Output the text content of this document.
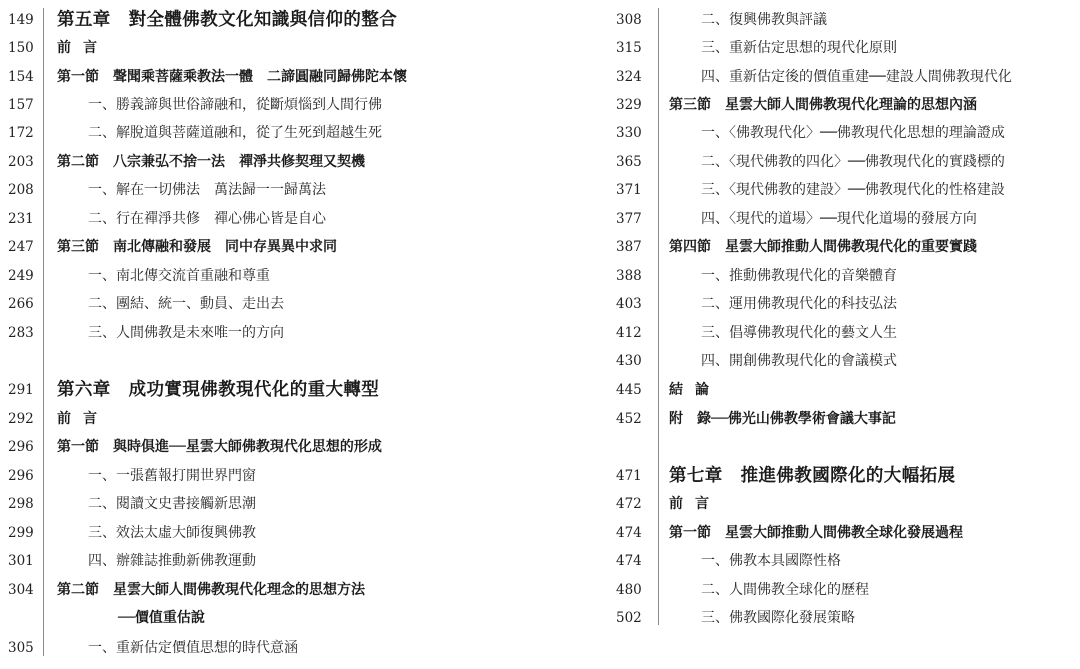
149	第五章　對全體佛教文化知識與信仰的整合
150	前言
154	第一節　聲聞乘菩薩乘教法一體　二諦圓融同歸佛陀本懷
157	一、勝義諦與世俗諦融和，從斷煩惱到人間行佛
172	二、解脫道與菩薩道融和，從了生死到超越生死
203	第二節　八宗兼弘不捨一法　禪淨共修契理又契機
208	一、解在一切佛法　萬法歸一一歸萬法
231	二、行在禪淨共修　禪心佛心皆是自心
247	第三節　南北傳融和發展　同中存異異中求同
249	一、南北傳交流首重融和尊重
266	二、團結、統一、動員、走出去
283	三、人間佛教是未來唯一的方向
291	第六章　成功實現佛教現代化的重大轉型
292	前言
296	第一節　與時俱進──星雲大師佛教現代化思想的形成
296	一、一張舊報打開世界門窗
298	二、閱讀文史書接觸新思潮
299	三、效法太虛大師復興佛教
301	四、辦雜誌推動新佛教運動
304	第二節　星雲大師人間佛教現代化理念的思想方法
──價值重估說
305	一、重新估定價值思想的時代意涵
308	二、復興佛教與評議
315	三、重新估定思想的現代化原則
324	四、重新估定後的價值重建──建設人間佛教現代化
329	第三節　星雲大師人間佛教現代化理論的思想內涵
330	一、〈佛教現代化〉──佛教現代化思想的理論證成
365	二、〈現代佛教的四化〉──佛教現代化的實踐標的
371	三、〈現代佛教的建設〉──佛教現代化的性格建設
377	四、〈現代的道場〉──現代化道場的發展方向
387	第四節　星雲大師推動人間佛教現代化的重要實踐
388	一、推動佛教現代化的音樂體育
403	二、運用佛教現代化的科技弘法
412	三、倡導佛教現代化的藝文人生
430	四、開創佛教現代化的會議模式
445	結論
452	附　錄──佛光山佛教學術會議大事記
471	第七章　推進佛教國際化的大幅拓展
472	前言
474	第一節　星雲大師推動人間佛教全球化發展過程
474	一、佛教本具國際性格
480	二、人間佛教全球化的歷程
502	三、佛教國際化發展策略
